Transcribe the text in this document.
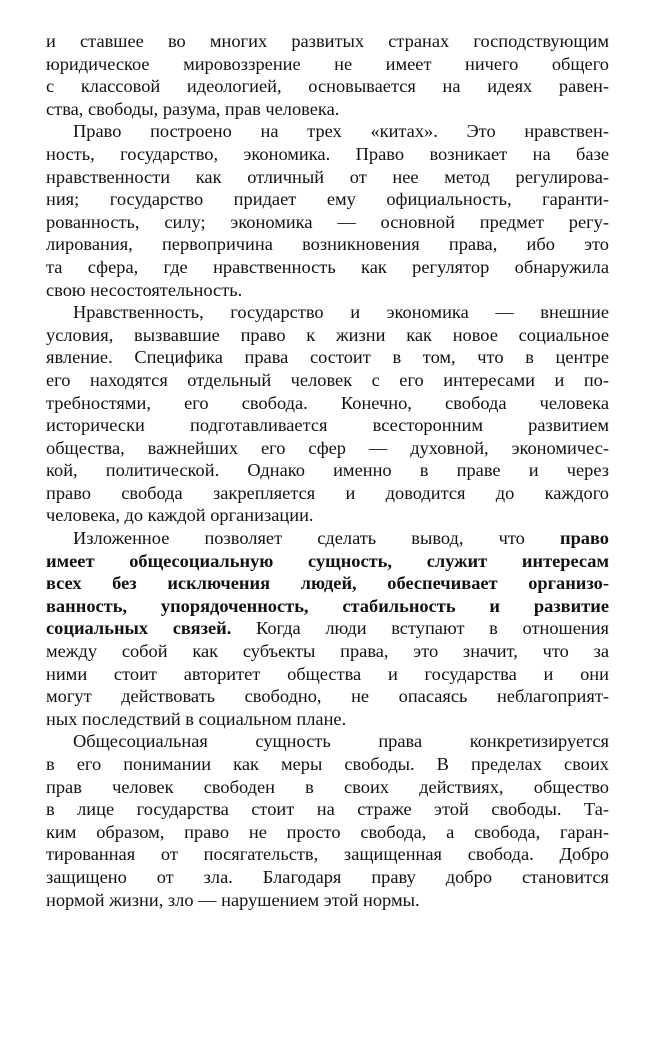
и ставшее во многих развитых странах господствующим
юридическое мировоззрение не имеет ничего общего
с классовой идеологией, основывается на идеях равен-
ства, свободы, разума, прав человека.

Право построено на трех «китах». Это нравствен-
ность, государство, экономика. Право возникает на базе
нравственности как отличный от нее метод регулирова-
ния; государство придает ему официальность, гаранти-
рованность, силу; экономика — основной предмет регу-
лирования, первопричина возникновения права, ибо это
та сфера, где нравственность как регулятор обнаружила
свою несостоятельность.

Нравственность, государство и экономика — внешние
условия, вызвавшие право к жизни как новое социальное
явление. Специфика права состоит в том, что в центре
его находятся отдельный человек с его интересами и по-
требностями, его свобода. Конечно, свобода человека
исторически подготавливается всесторонним развитием
общества, важнейших его сфер — духовной, экономичес-
кой, политической. Однако именно в праве и через
право свобода закрепляется и доводится до каждого
человека, до каждой организации.

Изложенное позволяет сделать вывод, что право
имеет общесоциальную сущность, служит интересам
всех без исключения людей, обеспечивает организо-
ванность, упорядоченность, стабильность и развитие
социальных связей. Когда люди вступают в отношения
между собой как субъекты права, это значит, что за
ними стоит авторитет общества и государства и они
могут действовать свободно, не опасаясь неблагоприят-
ных последствий в социальном плане.

Общесоциальная сущность права конкретизируется
в его понимании как меры свободы. В пределах своих
прав человек свободен в своих действиях, общество
в лице государства стоит на страже этой свободы. Та-
ким образом, право не просто свобода, а свобода, гаран-
тированная от посягательств, защищенная свобода. Добро
защищено от зла. Благодаря праву добро становится
нормой жизни, зло — нарушением этой нормы.
